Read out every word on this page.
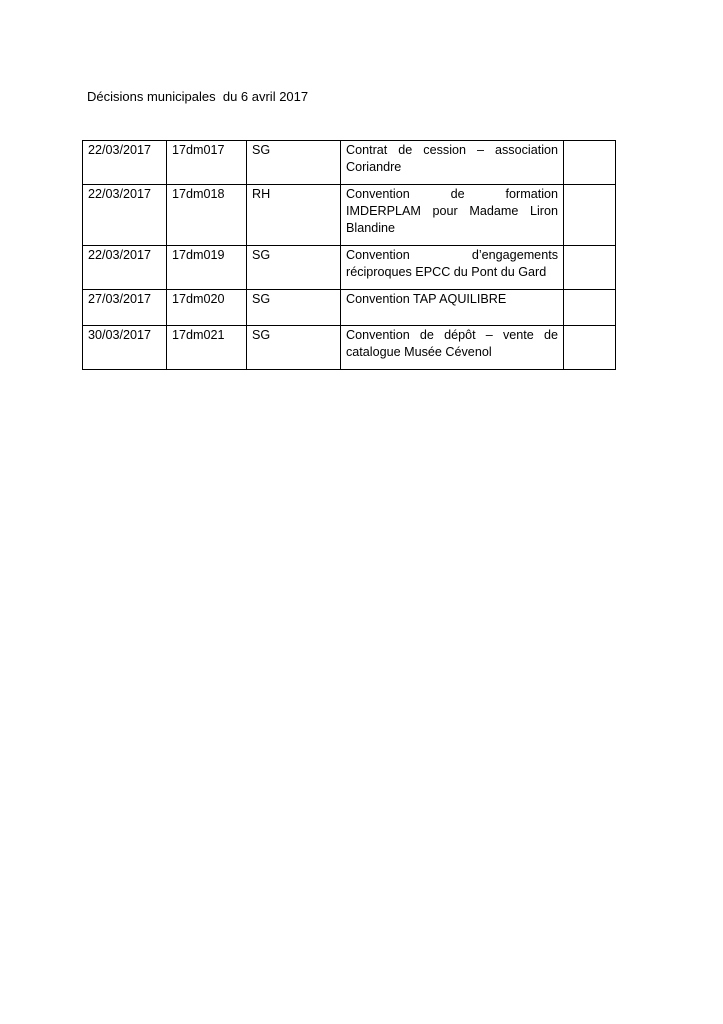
Décisions municipales  du 6 avril 2017
22/03/2017	17dm017	SG	Contrat de cession – association Coriandre	
22/03/2017	17dm018	RH	Convention de formation IMDERPLAM pour Madame Liron Blandine	
22/03/2017	17dm019	SG	Convention d’engagements réciproques EPCC du Pont du Gard	
27/03/2017	17dm020	SG	Convention TAP AQUILIBRE	
30/03/2017	17dm021	SG	Convention de dépôt – vente de catalogue Musée Cévenol	
